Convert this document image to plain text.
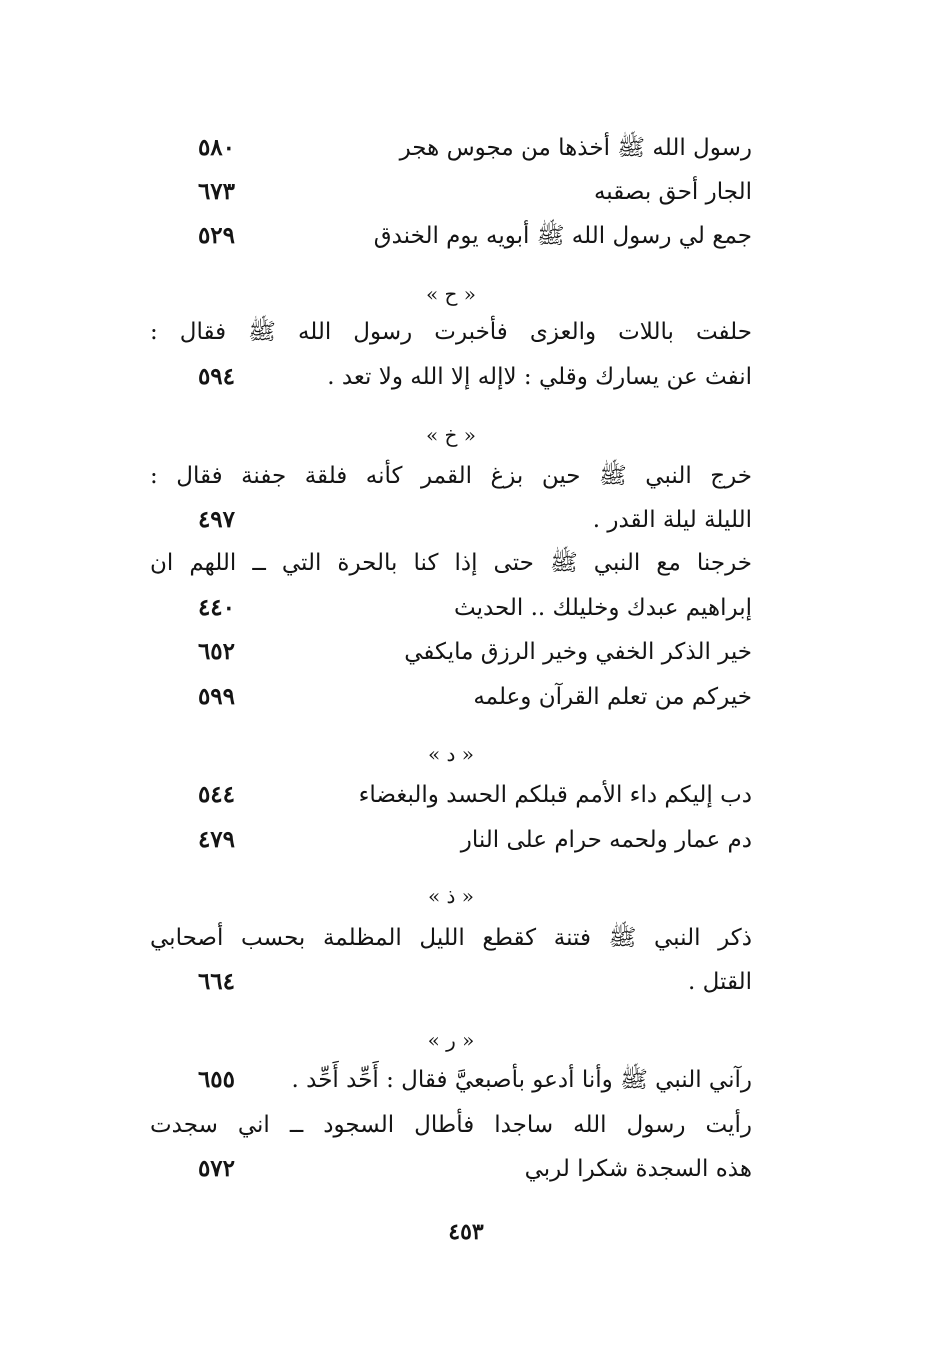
رسول الله ﷺ أخذها من مجوس هجر
٥٨٠
الجار أحق بصقبه
٦٧٣
جمع لي رسول الله ﷺ أبويه يوم الخندق
٥٢٩
« ح »
حلفت باللات والعزى فأخبرت رسول الله ﷺ فقال :
انفث عن يسارك وقلي : لاإله إلا الله ولا تعد .
٥٩٤
« خ »
خرج النبي ﷺ حين بزغ القمر كأنه فلقة جفنة فقال :
الليلة ليلة القدر .
٤٩٧
خرجنا مع النبي ﷺ حتى إذا كنا بالحرة التي ــ اللهم ان
إبراهيم عبدك وخليلك .. الحديث
٤٤٠
خير الذكر الخفي وخير الرزق مايكفي
٦٥٢
خيركم من تعلم القرآن وعلمه
٥٩٩
« د »
دب إليكم داء الأمم قبلكم الحسد والبغضاء
٥٤٤
دم عمار ولحمه حرام على النار
٤٧٩
« ذ »
ذكر النبي ﷺ فتنة كقطع الليل المظلمة بحسب أصحابي
القتل .
٦٦٤
« ر »
رآني النبي ﷺ وأنا أدعو بأصبعيَّ فقال : أَحِّد أَحِّد .
٦٥٥
رأيت رسول الله ساجدا فأطال السجود ــ اني سجدت
هذه السجدة شكرا لربي
٥٧٢
٤٥٣
